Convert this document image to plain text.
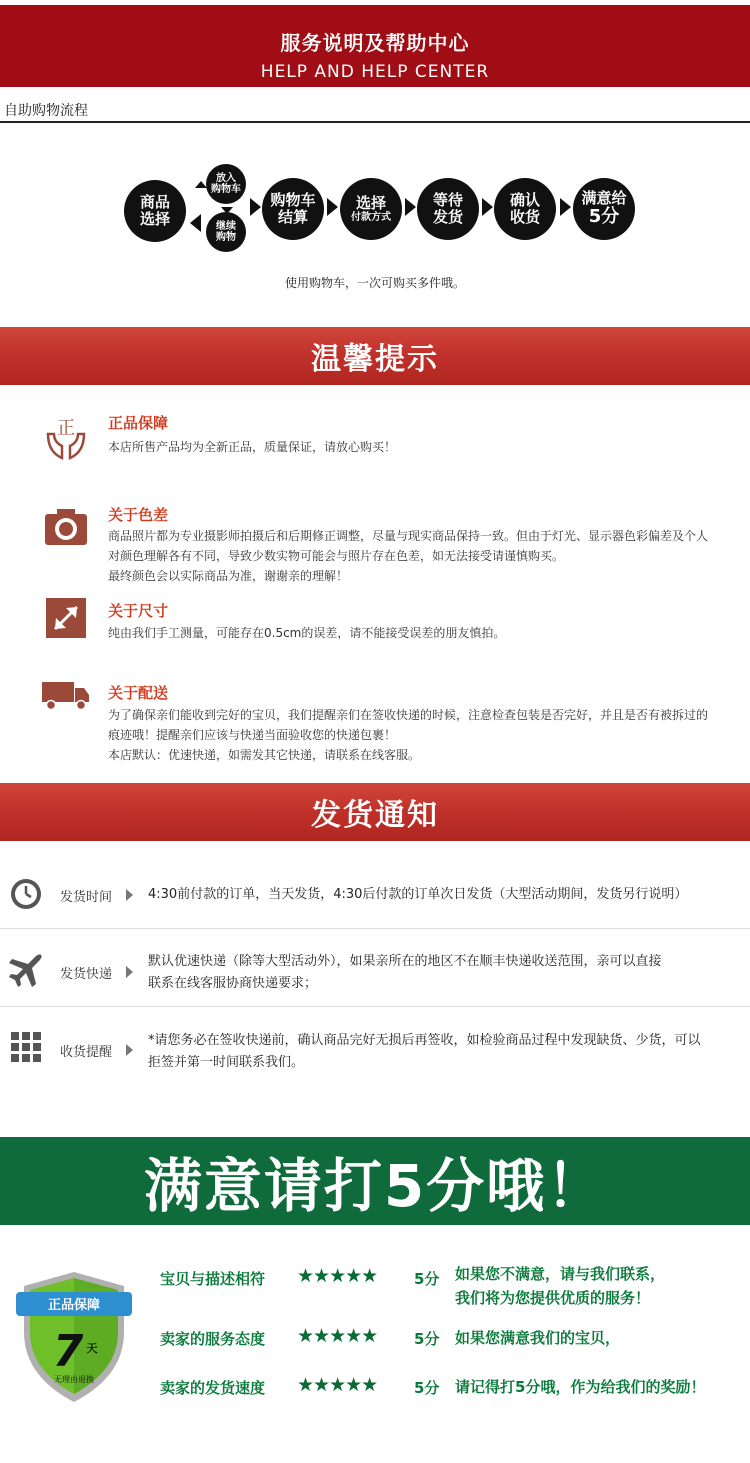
服务说明及帮助中心
HELP AND HELP CENTER
自助购物流程
商品
选择
放入
购物车
继续
购物
购物车
结算
选择
付款方式
等待
发货
确认
收货
满意给
5分
使用购物车，一次可购买多件哦。
温馨提示
正 正品保障
本店所售产品均为全新正品，质量保证，请放心购买！
关于色差
商品照片都为专业摄影师拍摄后和后期修正调整，尽量与现实商品保持一致。但由于灯光、显示器色彩偏差及个人
对颜色理解各有不同，导致少数实物可能会与照片存在色差，如无法接受请谨慎购买。
最终颜色会以实际商品为准，谢谢亲的理解！
关于尺寸
纯由我们手工测量，可能存在0.5cm的误差，请不能接受误差的朋友慎拍。
关于配送
为了确保亲们能收到完好的宝贝，我们提醒亲们在签收快递的时候，注意检查包装是否完好，并且是否有被拆过的
痕迹哦！提醒亲们应该与快递当面验收您的快递包裹！
本店默认：优速快递，如需发其它快递，请联系在线客服。
发货通知
发货时间	4:30前付款的订单，当天发货，4:30后付款的订单次日发货（大型活动期间，发货另行说明）
发货快递
默认优速快递（除等大型活动外），如果亲所在的地区不在顺丰快递收送范围，亲可以直接
联系在线客服协商快递要求；
收货提醒
*请您务必在签收快递前，确认商品完好无损后再签收，如检验商品过程中发现缺货、少货，可以
拒签并第一时间联系我们。
满意请打5分哦！
正品保障
7 天
无理由退换
宝贝与描述相符 ★★★★★ 5分 如果您不满意，请与我们联系，
我们将为您提供优质的服务！
卖家的服务态度 ★★★★★ 5分 如果您满意我们的宝贝，
卖家的发货速度 ★★★★★ 5分 请记得打5分哦，作为给我们的奖励！
